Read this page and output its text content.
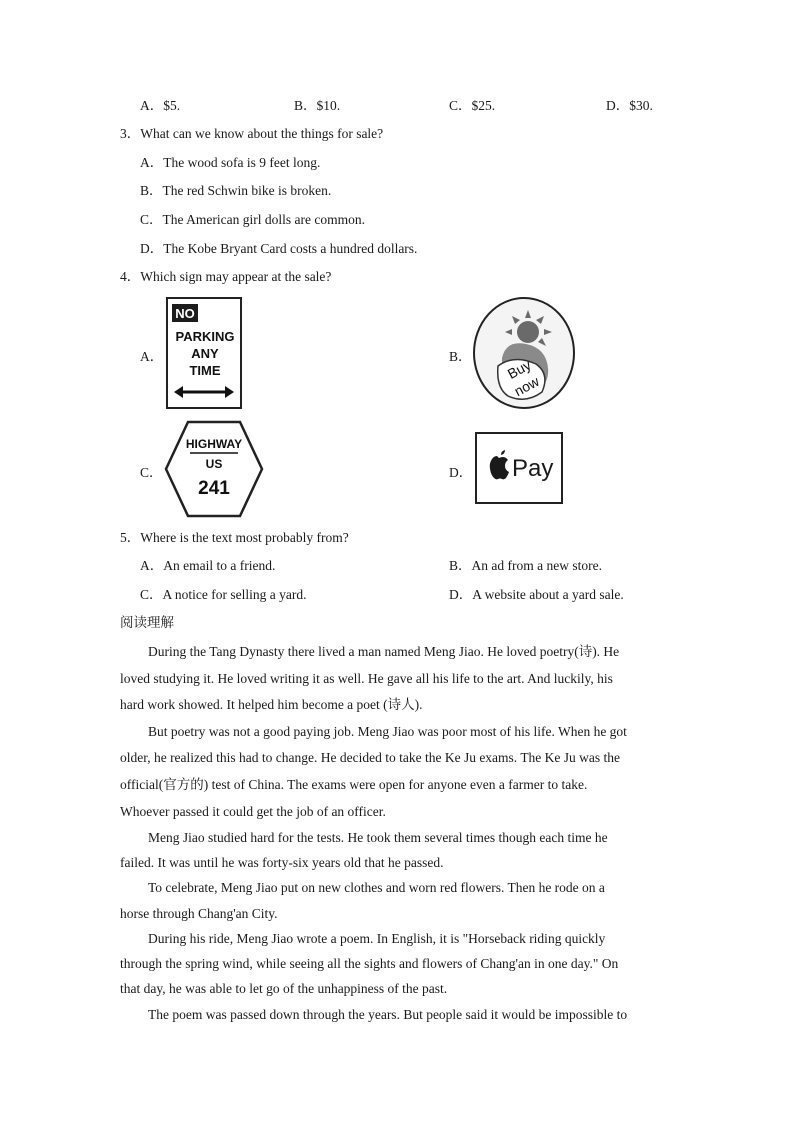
A．$5.	B．$10.	C．$25.	D．$30.
3．What can we know about the things for sale?
A．The wood sofa is 9 feet long.
B．The red Schwin bike is broken.
C．The American girl dolls are common.
D．The Kobe Bryant Card costs a hundred dollars.
4．Which sign may appear at the sale?
A．
NO
PARKING
ANY
TIME
B． Buy
now
C．
HIGHWAY
US
241
D． Pay
5．Where is the text most probably from?
A．An email to a friend.	B．An ad from a new store.
C．A notice for selling a yard.	D．A website about a yard sale.
阅读理解
During the Tang Dynasty there lived a man named Meng Jiao. He loved poetry(诗). He
loved studying it. He loved writing it as well. He gave all his life to the art. And luckily, his
hard work showed. It helped him become a poet (诗人).
But poetry was not a good paying job. Meng Jiao was poor most of his life. When he got
older, he realized this had to change. He decided to take the Ke Ju exams. The Ke Ju was the
official(官方的) test of China. The exams were open for anyone even a farmer to take.
Whoever passed it could get the job of an officer.
Meng Jiao studied hard for the tests. He took them several times though each time he
failed. It was until he was forty-six years old that he passed.
To celebrate, Meng Jiao put on new clothes and worn red flowers. Then he rode on a
horse through Chang'an City.
During his ride, Meng Jiao wrote a poem. In English, it is "Horseback riding quickly
through the spring wind, while seeing all the sights and flowers of Chang'an in one day." On
that day, he was able to let go of the unhappiness of the past.
The poem was passed down through the years. But people said it would be impossible to
